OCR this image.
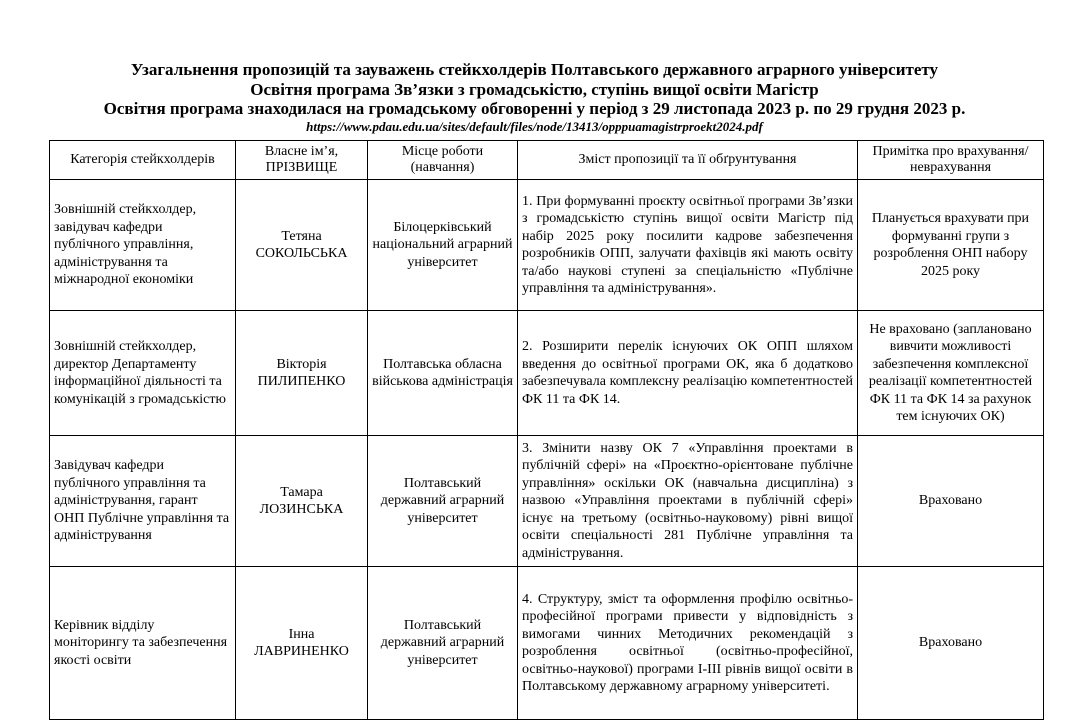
Узагальнення пропозицій та зауважень стейкхолдерів Полтавського державного аграрного університету
Освітня програма Зв’язки з громадськістю, ступінь вищої освіти Магістр
Освітня програма знаходилася на громадському обговоренні у період з 29 листопада 2023 р. по 29 грудня 2023 р.
https://www.pdau.edu.ua/sites/default/files/node/13413/opppuamagistrproekt2024.pdf
Категорія стейкхолдерів	Власне ім’я, ПРІЗВИЩЕ	Місце роботи (навчання)	Зміст пропозиції та її обґрунтування	Примітка про врахування/неврахування
Зовнішній стейкхолдер, завідувач кафедри публічного управління, адміністрування та міжнародної економіки	Тетяна СОКОЛЬСЬКА	Білоцерківський національний аграрний університет	1. При формуванні проєкту освітньої програми Зв’язки з громадськістю ступінь вищої освіти Магістр під набір 2025 року посилити кадрове забезпечення розробників ОПП, залучати фахівців які мають освіту та/або наукові ступені за спеціальністю «Публічне управління та адміністрування».	Планується врахувати при формуванні групи з розроблення ОНП набору 2025 року
Зовнішній стейкхолдер, директор Департаменту інформаційної діяльності та комунікацій з громадськістю	Вікторія ПИЛИПЕНКО	Полтавська обласна військова адміністрація	2. Розширити перелік існуючих ОК ОПП шляхом введення до освітньої програми ОК, яка б додатково забезпечувала комплексну реалізацію компетентностей ФК 11 та ФК 14.	Не враховано (заплановано вивчити можливості забезпечення комплексної реалізації компетентностей ФК 11 та ФК 14 за рахунок тем існуючих ОК)
Завідувач кафедри публічного управління та адміністрування, гарант ОНП Публічне управління та адміністрування	Тамара ЛОЗИНСЬКА	Полтавський державний аграрний університет	3. Змінити назву ОК 7 «Управління проектами в публічній сфері» на «Проєктно-орієнтоване публічне управління» оскільки ОК (навчальна дисципліна) з назвою «Управління проектами в публічній сфері» існує на третьому (освітньо-науковому) рівні вищої освіти спеціальності 281 Публічне управління та адміністрування.	Враховано
Керівник відділу моніторингу та забезпечення якості освіти	Інна ЛАВРИНЕНКО	Полтавський державний аграрний університет	4. Структуру, зміст та оформлення профілю освітньо-професійної програми привести у відповідність з вимогами чинних Методичних рекомендацій з розроблення освітньої (освітньо-професійної, освітньо-наукової) програми І-ІІІ рівнів вищої освіти в Полтавському державному аграрному університеті.	Враховано
